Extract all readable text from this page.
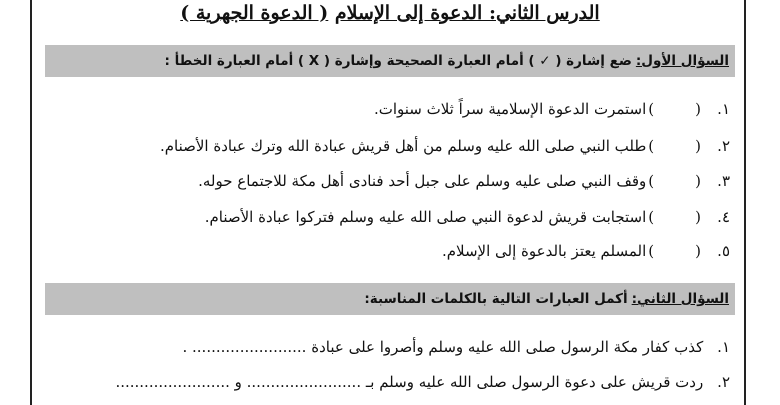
الدرس الثاني: الدعوة إلى الإسلام ( الدعوة الجهرية )
السؤال الأول:
ضع إشارة ( ✓ ) أمام العبارة الصحيحة وإشارة ( X ) أمام العبارة الخطأ :
١.
()
استمرت الدعوة الإسلامية سراً ثلاث سنوات.
٢.
()
طلب النبي صلى الله عليه وسلم من أهل قريش عبادة الله وترك عبادة الأصنام.
٣.
()
وقف النبي صلى عليه وسلم على جبل أحد فنادى أهل مكة للاجتماع حوله.
٤.
()
استجابت قريش لدعوة النبي صلى الله عليه وسلم فتركوا عبادة الأصنام.
٥.
()
المسلم يعتز بالدعوة إلى الإسلام.
السؤال الثاني:
أكمل العبارات التالية بالكلمات المناسبة:
١. كذب كفار مكة الرسول صلى الله عليه وسلم وأصروا على عبادة ........................ .
٢. ردت قريش على دعوة الرسول صلى الله عليه وسلم بـ ........................ و ........................
